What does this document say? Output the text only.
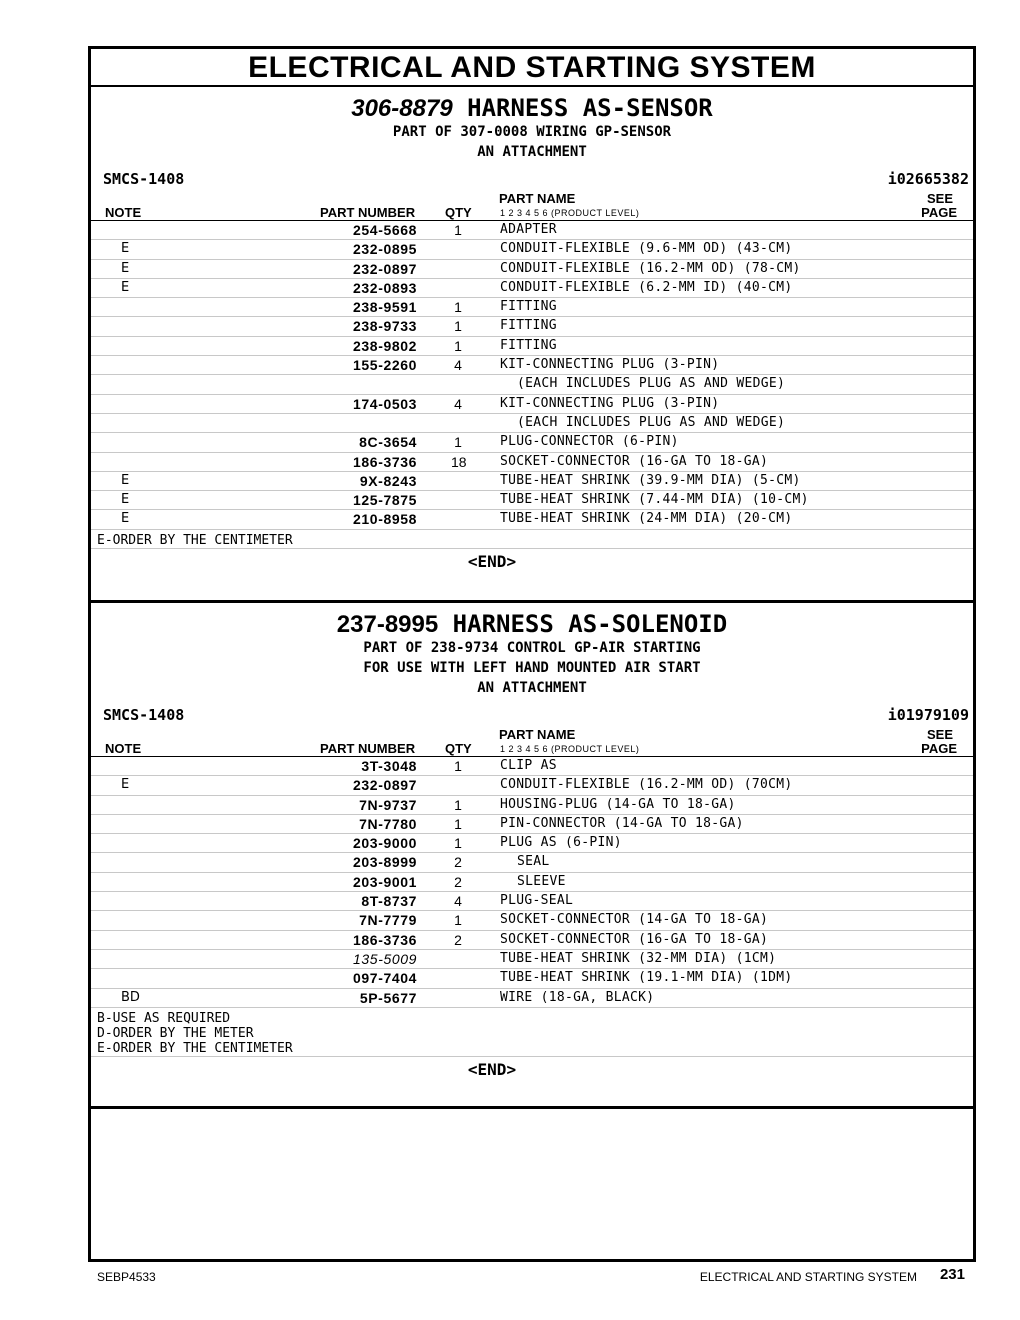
ELECTRICAL AND STARTING SYSTEM
306-8879 HARNESS AS-SENSOR
PART OF 307-0008 WIRING GP-SENSOR
AN ATTACHMENT
SMCS-1408	i02665382
NOTE	PART NUMBER QTY
PART NAME
1 2 3 4 5 6 (PRODUCT LEVEL)
SEE
PAGE
254-5668	1	ADAPTER
E	232-0895	CONDUIT-FLEXIBLE (9.6-MM OD) (43-CM)
E	232-0897	CONDUIT-FLEXIBLE (16.2-MM OD) (78-CM)
E	232-0893	CONDUIT-FLEXIBLE (6.2-MM ID) (40-CM)
238-9591	1	FITTING
238-9733	1	FITTING
238-9802	1	FITTING
155-2260	4	KIT-CONNECTING PLUG (3-PIN)
(EACH INCLUDES PLUG AS AND WEDGE)
174-0503	4	KIT-CONNECTING PLUG (3-PIN)
(EACH INCLUDES PLUG AS AND WEDGE)
8C-3654	1	PLUG-CONNECTOR (6-PIN)
186-3736 18	SOCKET-CONNECTOR (16-GA TO 18-GA)
E	9X-8243	TUBE-HEAT SHRINK (39.9-MM DIA) (5-CM)
E	125-7875	TUBE-HEAT SHRINK (7.44-MM DIA) (10-CM)
E	210-8958	TUBE-HEAT SHRINK (24-MM DIA) (20-CM)
E-ORDER BY THE CENTIMETER
<END>
237-8995 HARNESS AS-SOLENOID
PART OF 238-9734 CONTROL GP-AIR STARTING
FOR USE WITH LEFT HAND MOUNTED AIR START
AN ATTACHMENT
SMCS-1408	i01979109
NOTE	PART NUMBER QTY
PART NAME
1 2 3 4 5 6 (PRODUCT LEVEL)
SEE
PAGE
3T-3048	1	CLIP AS
E	232-0897	CONDUIT-FLEXIBLE (16.2-MM OD) (70CM)
7N-9737	1	HOUSING-PLUG (14-GA TO 18-GA)
7N-7780	1	PIN-CONNECTOR (14-GA TO 18-GA)
203-9000	1	PLUG AS (6-PIN)
203-8999	2	SEAL
203-9001	2	SLEEVE
8T-8737	4	PLUG-SEAL
7N-7779	1	SOCKET-CONNECTOR (14-GA TO 18-GA)
186-3736	2	SOCKET-CONNECTOR (16-GA TO 18-GA)
135-5009	TUBE-HEAT SHRINK (32-MM DIA) (1CM)
097-7404	TUBE-HEAT SHRINK (19.1-MM DIA) (1DM)
BD	5P-5677	WIRE (18-GA, BLACK)
B-USE AS REQUIRED
D-ORDER BY THE METER
E-ORDER BY THE CENTIMETER
<END>
SEBP4533	ELECTRICAL AND STARTING SYSTEM 231
